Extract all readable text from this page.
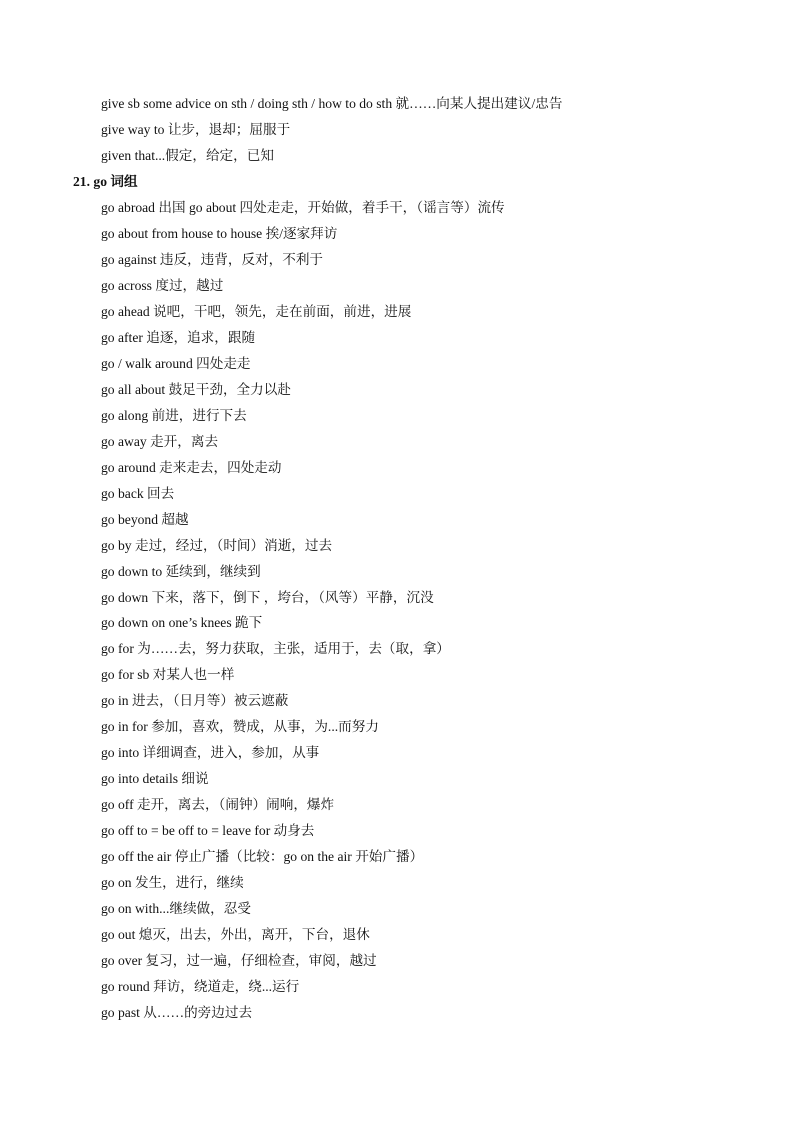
give sb some advice on sth / doing sth / how to do sth 就……向某人提出建议/忠告
give way to 让步，退却；屈服于
given that...假定，给定，已知
21. go 词组
go abroad 出国 go about 四处走走，开始做，着手干，（谣言等）流传
go about from house to house 挨/逐家拜访
go against 违反，违背，反对，不利于
go across 度过，越过
go ahead 说吧，干吧，领先，走在前面，前进，进展
go after 追逐，追求，跟随
go / walk around 四处走走
go all about 鼓足干劲，全力以赴
go along 前进，进行下去
go away 走开，离去
go around 走来走去，四处走动
go back 回去
go beyond 超越
go by 走过，经过，（时间）消逝，过去
go down to 延续到，继续到
go down 下来，落下，倒下 ，垮台，（风等）平静，沉没
go down on one’s knees 跪下
go for 为……去，努力获取，主张，适用于，去（取，拿）
go for sb 对某人也一样
go in 进去，（日月等）被云遮蔽
go in for 参加，喜欢，赞成，从事，为...而努力
go into 详细调查，进入，参加，从事
go into details 细说
go off 走开，离去，（闹钟）闹响，爆炸
go off to = be off to = leave for 动身去
go off the air 停止广播（比较：go on the air 开始广播）
go on 发生，进行，继续
go on with...继续做，忍受
go out 熄灭，出去，外出，离开，下台，退休
go over 复习，过一遍，仔细检查，审阅，越过
go round 拜访，绕道走，绕...运行
go past 从……的旁边过去
